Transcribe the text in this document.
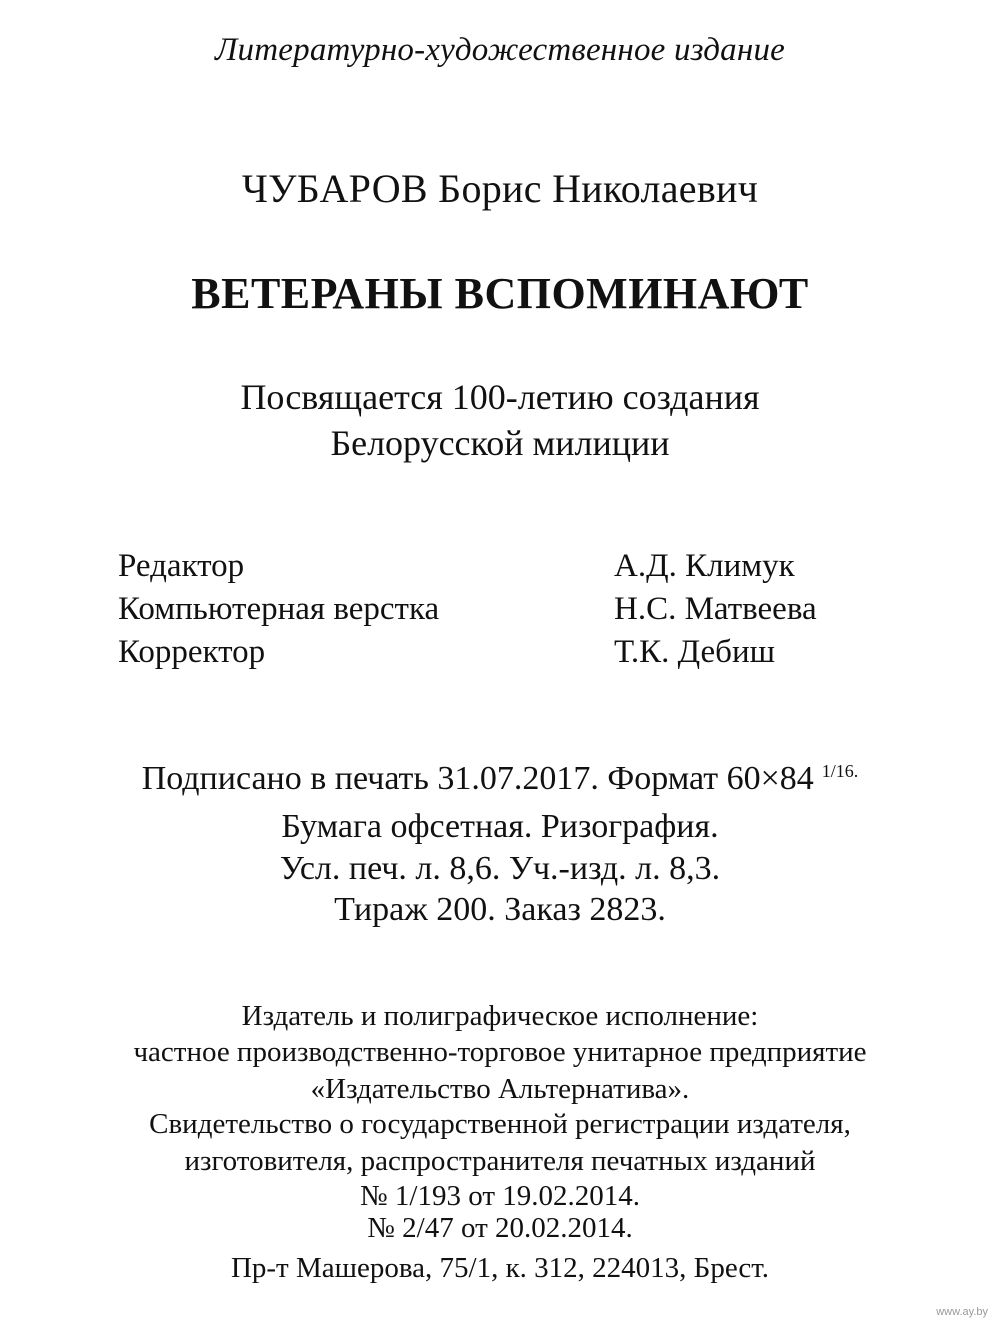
Литературно-художественное издание
ЧУБАРОВ Борис Николаевич
ВЕТЕРАНЫ ВСПОМИНАЮТ
Посвящается 100-летию создания
Белорусской милиции
Редактор	А.Д. Климук
Компьютерная верстка	Н.С. Матвеева
Корректор	Т.К. Дебиш
Подписано в печать 31.07.2017. Формат 60×84 $^{1/16.}$
Бумага офсетная. Ризография.
Усл. печ. л. 8,6. Уч.-изд. л. 8,3.
Тираж 200. Заказ 2823.
Издатель и полиграфическое исполнение:
частное производственно-торговое унитарное предприятие
«Издательство Альтернатива».
Свидетельство о государственной регистрации издателя,
изготовителя, распространителя печатных изданий
№ 1/193 от 19.02.2014.
№ 2/47 от 20.02.2014.
Пр-т Машерова, 75/1, к. 312, 224013, Брест.
www.ay.by
